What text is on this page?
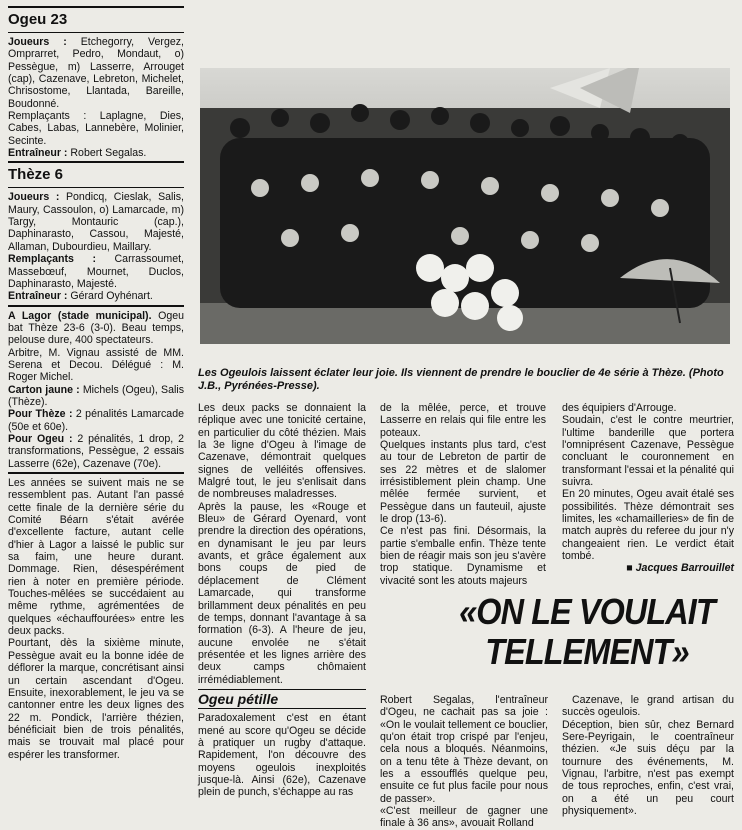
Ogeu 23

Joueurs : Etchegorry, Vergez, Omprarret, Pedro, Mondaut, o) Pessègue, m) Lasserre, Arrouget (cap), Cazenave, Lebreton, Michelet, Chrisostome, Llantada, Bareille, Boudonné.

Remplaçants : Laplagne, Dies, Cabes, Labas, Lannebère, Molinier, Secinte.

Entraîneur : Robert Segalas.

Thèze 6

Joueurs : Pondicq, Cieslak, Salis, Maury, Cassoulon, o) Lamarcade, m) Targy, Montauric (cap.), Daphinarasto, Cassou, Majesté, Allaman, Dubourdieu, Maillary.

Remplaçants : Carrassoumet, Massebœuf, Mournet, Duclos, Daphinarasto, Majesté.

Entraîneur : Gérard Oyhénart.

A Lagor (stade municipal). Ogeu bat Thèze 23-6 (3-0). Beau temps, pelouse dure, 400 spectateurs.

Arbitre, M. Vignau assisté de MM. Serena et Decou. Délégué : M. Roger Michel.

Carton jaune : Michels (Ogeu), Salis (Thèze).

Pour Thèze : 2 pénalités Lamarcade (50e et 60e).

Pour Ogeu : 2 pénalités, 1 drop, 2 transformations, Pessègue, 2 essais Lasserre (62e), Cazenave (70e).

Les années se suivent mais ne se ressemblent pas. Autant l'an passé cette finale de la dernière série du Comité Béarn s'était avérée d'excellente facture, autant celle d'hier à Lagor a laissé le public sur sa faim, une heure durant. Dommage. Rien, désespérément rien à noter en première période. Touches-mêlées se succédaient au même rythme, agrémentées de quelques «échauffourées» entre les deux packs.

Pourtant, dès la sixième minute, Pessègue avait eu la bonne idée de déflorer la marque, concrétisant ainsi un certain ascendant d'Ogeu. Ensuite, inexorablement, le jeu va se cantonner entre les deux lignes des 22 m. Pondick, l'arrière thézien, bénéficiait bien de trois pénalités, mais se trouvait mal placé pour espérer les transformer.

Les Ogeulois laissent éclater leur joie. Ils viennent de prendre le bouclier de 4e série à Thèze. (Photo J.B., Pyrénées-Presse).

Les deux packs se donnaient la réplique avec une tonicité certaine, en particulier du côté thézien. Mais la 3e ligne d'Ogeu à l'image de Cazenave, démontrait quelques signes de velléités offensives. Malgré tout, le jeu s'enlisait dans de nombreuses maladresses.

Après la pause, les «Rouge et Bleu» de Gérard Oyenard, vont prendre la direction des opérations, en dynamisant le jeu par leurs avants, et grâce également aux bons coups de pied de déplacement de Clément Lamarcade, qui transforme brillamment deux pénalités en peu de temps, donnant l'avantage à sa formation (6-3). A l'heure de jeu, aucune envolée ne s'était présentée et les lignes arrière des deux camps chômaient irrémédiablement.

Ogeu pétille

Paradoxalement c'est en étant mené au score qu'Ogeu se décide à pratiquer un rugby d'attaque. Rapidement, l'on découvre des moyens ogeulois inexploités jusque-là. Ainsi (62e), Cazenave plein de punch, s'échappe au ras

de la mêlée, perce, et trouve Lasserre en relais qui file entre les poteaux.

Quelques instants plus tard, c'est au tour de Lebreton de partir de ses 22 mètres et de slalomer irrésistiblement plein champ. Une mêlée fermée survient, et Pessègue dans un fauteuil, ajuste le drop (13-6).

Ce n'est pas fini. Désormais, la partie s'emballe enfin. Thèze tente bien de réagir mais son jeu s'avère trop statique. Dynamisme et vivacité sont les atouts majeurs

des équipiers d'Arrouge.

Soudain, c'est le contre meurtrier, l'ultime banderille que portera l'omniprésent Cazenave, Pessègue concluant le couronnement en transformant l'essai et la pénalité qui suivra.

En 20 minutes, Ogeu avait étalé ses possibilités. Thèze démontrait ses limites, les «chamailleries» de fin de match auprès du referee du jour n'y changeaient rien. Le verdict était tombé.

■ Jacques Barrouillet

«ON LE VOULAIT TELLEMENT»

Robert Segalas, l'entraîneur d'Ogeu, ne cachait pas sa joie : «On le voulait tellement ce bouclier, qu'on était trop crispé par l'enjeu, cela nous a bloqués. Néanmoins, on a tenu tête à Thèze devant, on les a essoufflés quelque peu, ensuite ce fut plus facile pour nous de passer».

«C'est meilleur de gagner une finale à 36 ans», avouait Rolland

Cazenave, le grand artisan du succès ogeulois.

Déception, bien sûr, chez Bernard Sere-Peyrigain, le coentraîneur thézien. «Je suis déçu par la tournure des événements, M. Vignau, l'arbitre, n'est pas exempt de tous reproches, enfin, c'est vrai, on a été un peu court physiquement».
